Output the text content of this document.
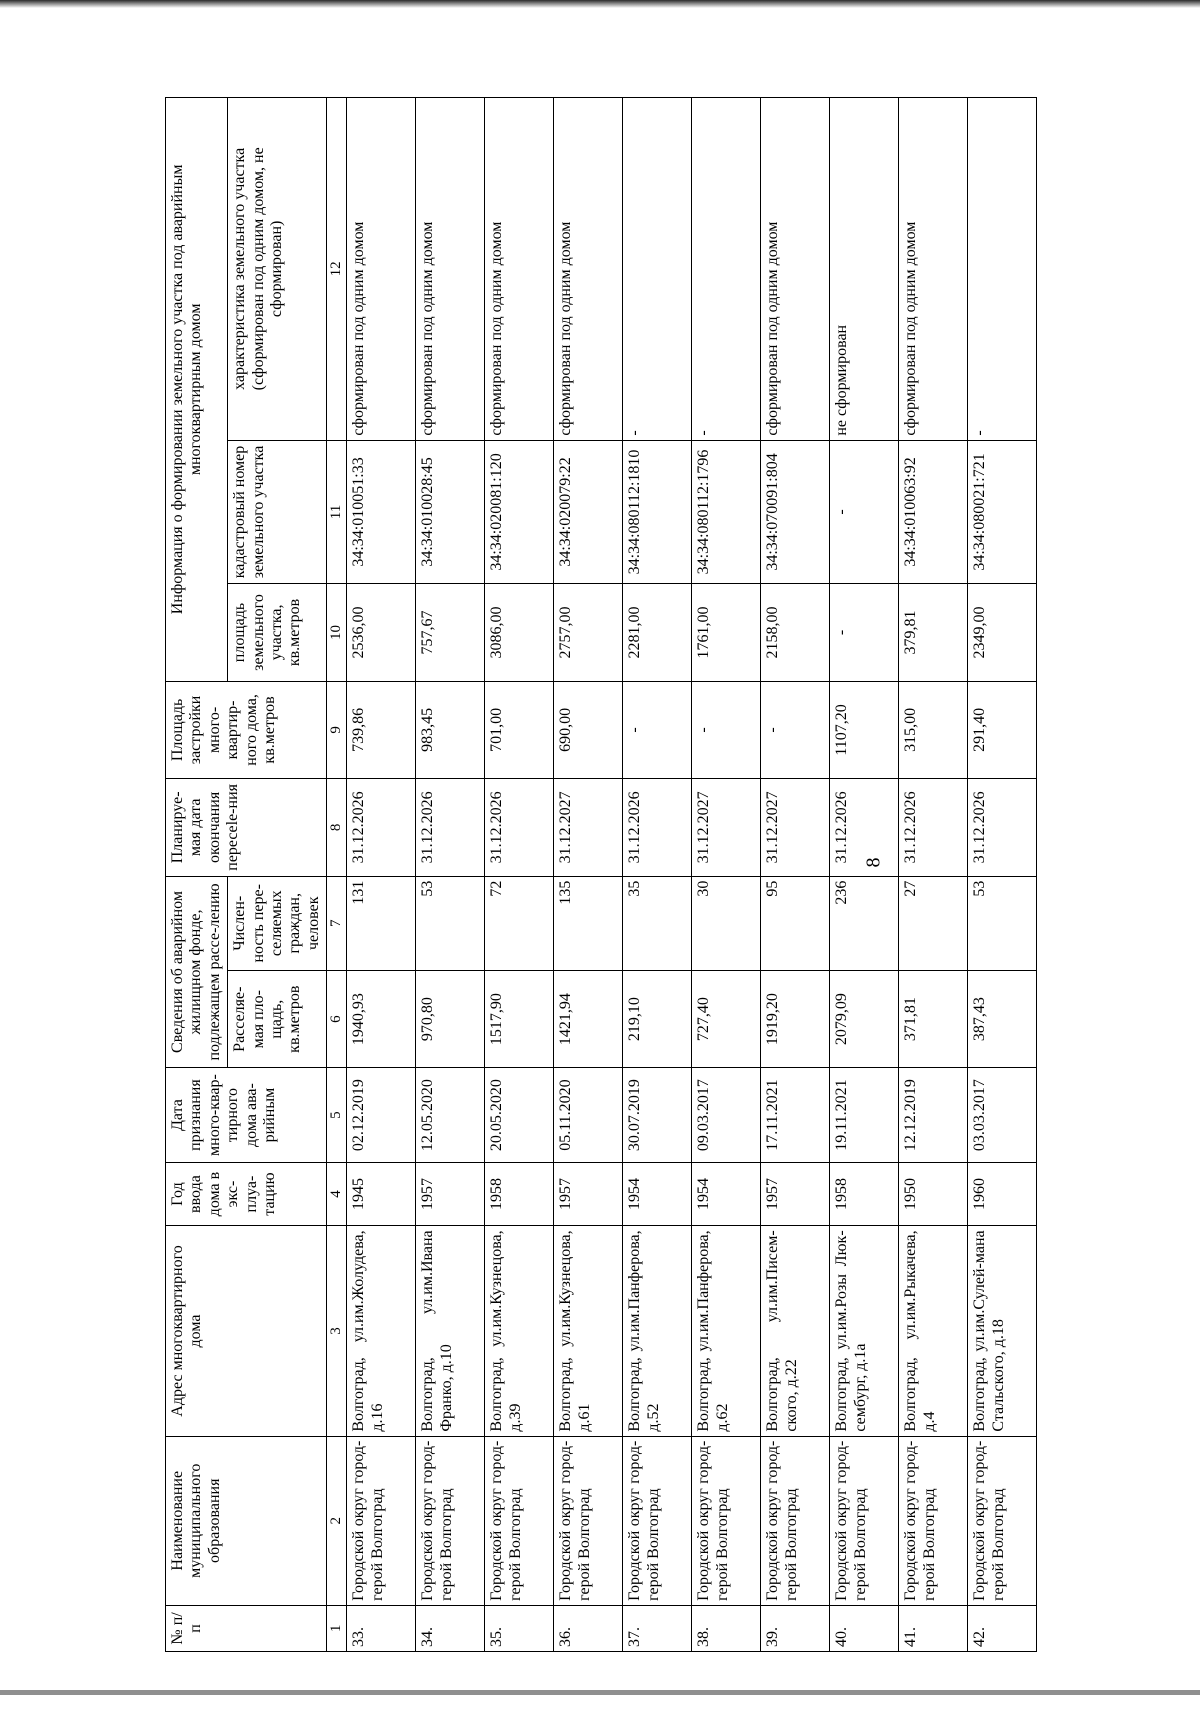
8
№ п/п	Наименование муниципального образования	Адрес многоквартирного дома	Год ввода дома в экс-плуа-тацию	Дата признания много-квар-тирного дома ава-рийным	Сведения об аварийном жилищном фонде, подлежащем рассе-лению		Планируе-мая дата окончания пересele-ния	Площадь застройки много-квартир-ного дома, кв.метров	Информация о формировании земельного участка под аварийным многоквартирным домом		
					Расселяе-мая пло-щадь, кв.метров	Числен-ность пере-селяемых граждан, человек			площадь земельного участка, кв.метров	кадастровый номер земельного участка	характеристика земельного участка (сформирован под одним домом, не сформирован)
1	2	3	4	5	6	7	8	9	10	11	12
33.	Городской округ город-герой Волгоград	Волгоград, ул.им.Жолудева, д.16	1945	02.12.2019	1940,93	131	31.12.2026	739,86	2536,00	34:34:010051:33	сформирован под одним домом
34.	Городской округ город-герой Волгоград	Волгоград, ул.им.Ивана Франко, д.10	1957	12.05.2020	970,80	53	31.12.2026	983,45	757,67	34:34:010028:45	сформирован под одним домом
35.	Городской округ город-герой Волгоград	Волгоград, ул.им.Кузнецова, д.39	1958	20.05.2020	1517,90	72	31.12.2026	701,00	3086,00	34:34:020081:120	сформирован под одним домом
36.	Городской округ город-герой Волгоград	Волгоград, ул.им.Кузнецова, д.61	1957	05.11.2020	1421,94	135	31.12.2027	690,00	2757,00	34:34:020079:22	сформирован под одним домом
37.	Городской округ город-герой Волгоград	Волгоград, ул.им.Панферова, д.52	1954	30.07.2019	219,10	35	31.12.2026	-	2281,00	34:34:080112:1810	-
38.	Городской округ город-герой Волгоград	Волгоград, ул.им.Панферова, д.62	1954	09.03.2017	727,40	30	31.12.2027	-	1761,00	34:34:080112:1796	-
39.	Городской округ город-герой Волгоград	Волгоград, ул.им.Писем-ского, д.22	1957	17.11.2021	1919,20	95	31.12.2027	-	2158,00	34:34:070091:804	сформирован под одним домом
40.	Городской округ город-герой Волгоград	Волгоград, ул.им.Розы Люк-сембург, д.1а	1958	19.11.2021	2079,09	236	31.12.2026	1107,20	-	-	не сформирован
41.	Городской округ город-герой Волгоград	Волгоград, ул.им.Рыкачева, д.4	1950	12.12.2019	371,81	27	31.12.2026	315,00	379,81	34:34:010063:92	сформирован под одним домом
42.	Городской округ город-герой Волгоград	Волгоград, ул.им.Сулей-мана Стальского, д.18	1960	03.03.2017	387,43	53	31.12.2026	291,40	2349,00	34:34:080021:721	-
